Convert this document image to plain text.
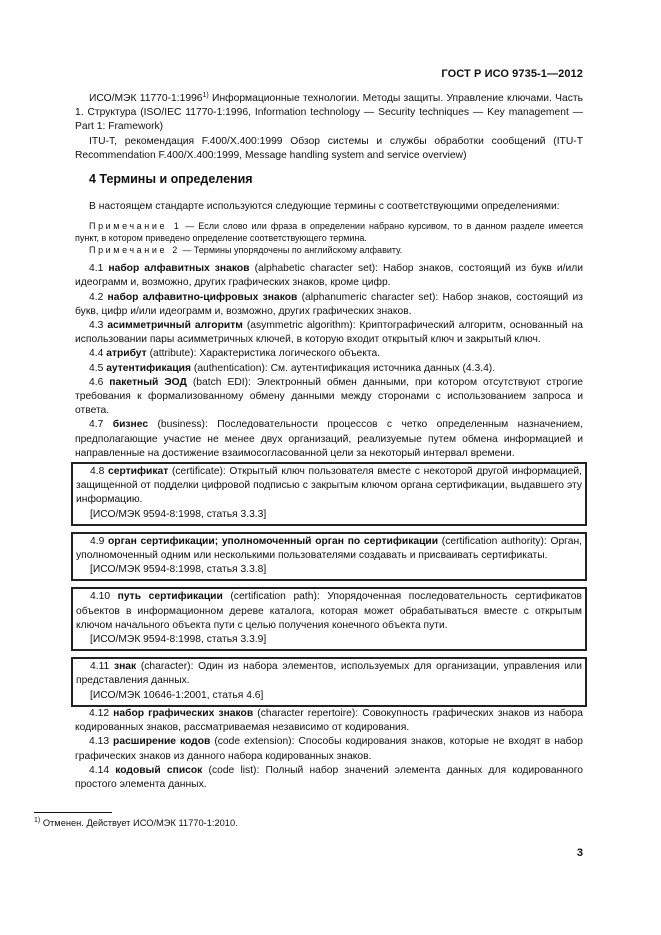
ГОСТ Р ИСО 9735-1—2012

ИСО/МЭК 11770-1:1996$^{1)}$ Информационные технологии. Методы защиты. Управление ключами. Часть 1. Структура (ISO/IEC 11770-1:1996, Information technology — Security techniques — Key management — Part 1: Framework)

ITU-T, рекомендация F.400/X.400:1999 Обзор системы и службы обработки сообщений (ITU-T Recommendation F.400/X.400:1999, Message handling system and service overview)

4 Термины и определения

В настоящем стандарте используются следующие термины с соответствующими определениями:

Примечание 1 — Если слово или фраза в определении набрано курсивом, то в данном разделе имеется пункт, в котором приведено определение соответствующего термина.

Примечание 2 — Термины упорядочены по английскому алфавиту.

4.1 набор алфавитных знаков (alphabetic character set): Набор знаков, состоящий из букв и/или идеограмм и, возможно, других графических знаков, кроме цифр.

4.2 набор алфавитно-цифровых знаков (alphanumeric character set): Набор знаков, состоящий из букв, цифр и/или идеограмм и, возможно, других графических знаков.

4.3 асимметричный алгоритм (asymmetric algorithm): Криптографический алгоритм, основанный на использовании пары асимметричных ключей, в которую входит открытый ключ и закрытый ключ.

4.4 атрибут (attribute): Характеристика логического объекта.

4.5 аутентификация (authentication): См. аутентификация источника данных (4.3.4).

4.6 пакетный ЭОД (batch EDI): Электронный обмен данными, при котором отсутствуют строгие требования к формализованному обмену данными между сторонами с использованием запроса и ответа.

4.7 бизнес (business): Последовательности процессов с четко определенным назначением, предполагающие участие не менее двух организаций, реализуемые путем обмена информацией и направленные на достижение взаимосогласованной цели за некоторый интервал времени.

4.8 сертификат (certificate): Открытый ключ пользователя вместе с некоторой другой информацией, защищенной от подделки цифровой подписью с закрытым ключом органа сертификации, выдавшего эту информацию.

[ИСО/МЭК 9594-8:1998, статья 3.3.3]

4.9 орган сертификации; уполномоченный орган по сертификации (certification authority): Орган, уполномоченный одним или несколькими пользователями создавать и присваивать сертификаты.

[ИСО/МЭК 9594-8:1998, статья 3.3.8]

4.10 путь сертификации (certification path): Упорядоченная последовательность сертификатов объектов в информационном дереве каталога, которая может обрабатываться вместе с открытым ключом начального объекта пути с целью получения конечного объекта пути.

[ИСО/МЭК 9594-8:1998, статья 3.3.9]

4.11 знак (character): Один из набора элементов, используемых для организации, управления или представления данных.

[ИСО/МЭК 10646-1:2001, статья 4.6]

4.12 набор графических знаков (character repertoire): Совокупность графических знаков из набора кодированных знаков, рассматриваемая независимо от кодирования.

4.13 расширение кодов (code extension): Способы кодирования знаков, которые не входят в набор графических знаков из данного набора кодированных знаков.

4.14 кодовый список (code list): Полный набор значений элемента данных для кодированного простого элемента данных.

$^{1)}$ Отменен. Действует ИСО/МЭК 11770-1:2010.
3
